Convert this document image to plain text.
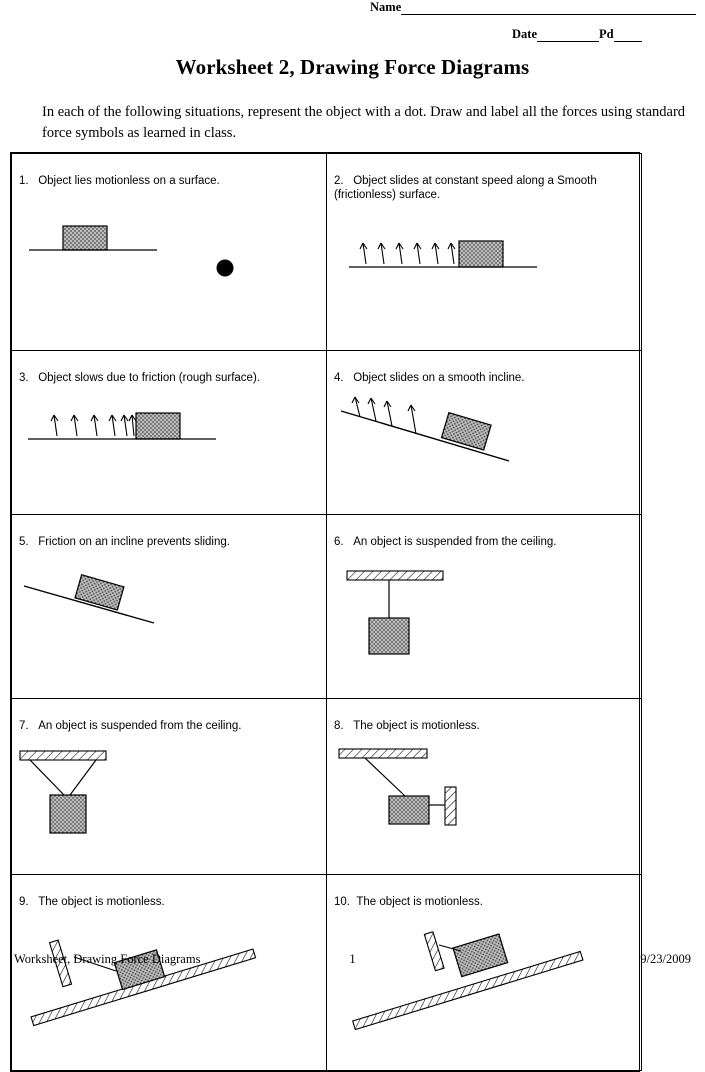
Name
Date	Pd
Worksheet 2, Drawing Force Diagrams
In each of the following situations, represent the object with a dot. Draw and label all the forces using standard force symbols as learned in class.

1. Object lies motionless on a surface.	2. Object slides at constant speed along a Smooth (frictionless) surface.

3. Object slows due to friction (rough surface).	4. Object slides on a smooth incline.

5. Friction on an incline prevents sliding.	6. An object is suspended from the ceiling.

7. An object is suspended from the ceiling.	8. The object is motionless.

9. The object is motionless.	10. The object is motionless.

Worksheet, Drawing Force Diagrams	1	9/23/2009
